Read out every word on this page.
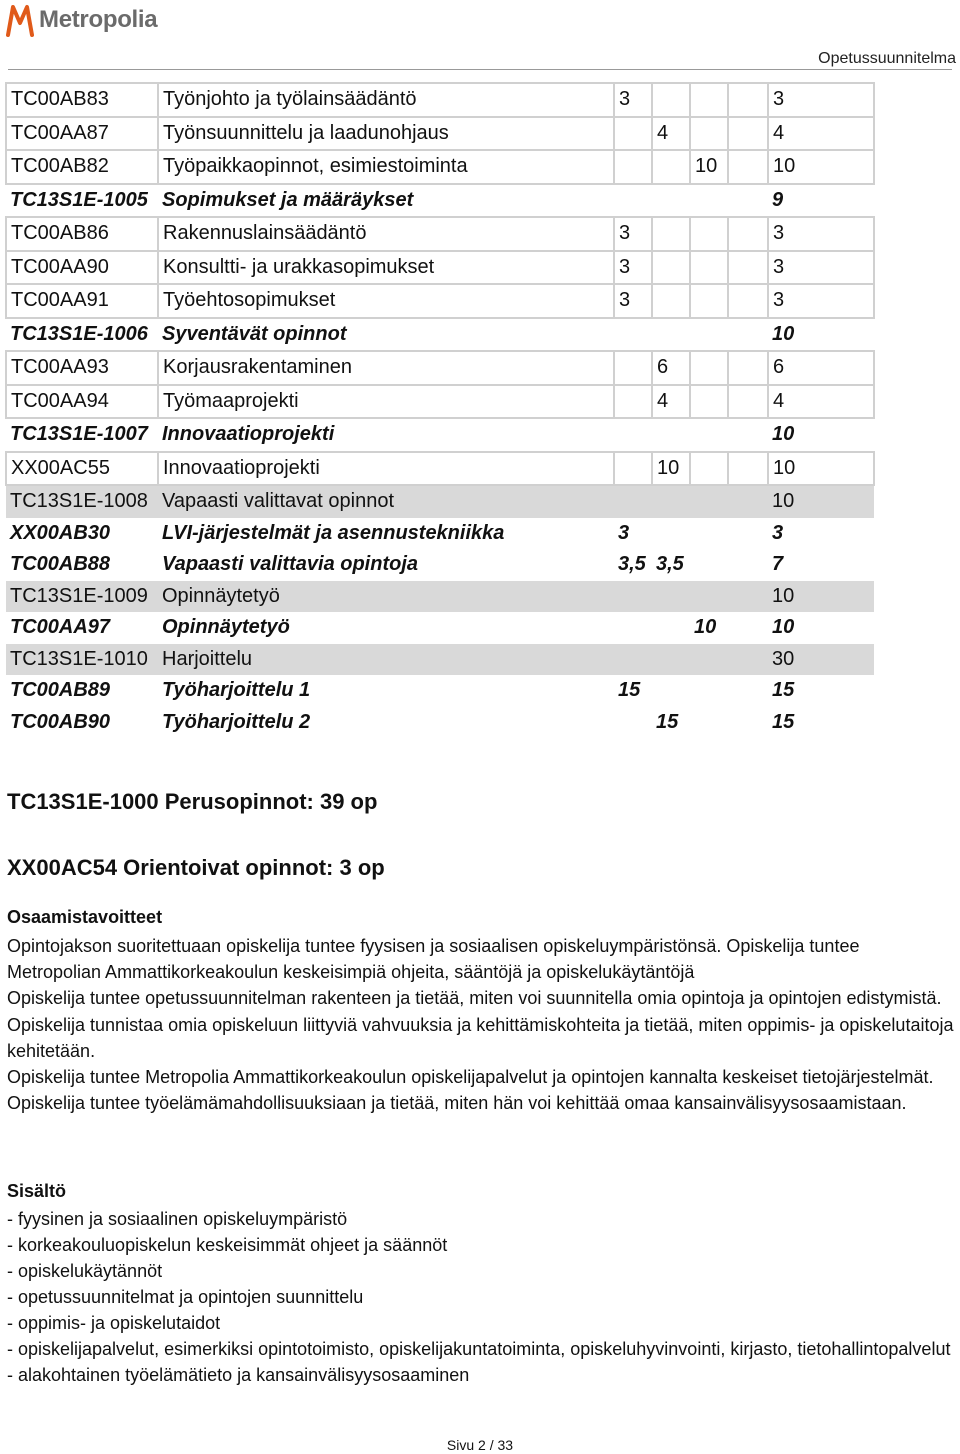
Metropolia
Opetussuunnitelma
TC00AB83	Työnjohto ja työlainsäädäntö	3				3
TC00AA87	Työnsuunnittelu ja laadunohjaus		4			4
TC00AB82	Työpaikkaopinnot, esimiestoiminta			10		10
TC13S1E-1005	Sopimukset ja määräykset					9
TC00AB86	Rakennuslainsäädäntö	3				3
TC00AA90	Konsultti- ja urakkasopimukset	3				3
TC00AA91	Työehtosopimukset	3				3
TC13S1E-1006	Syventävät opinnot					10
TC00AA93	Korjausrakentaminen		6			6
TC00AA94	Työmaaprojekti		4			4
TC13S1E-1007	Innovaatioprojekti					10
XX00AC55	Innovaatioprojekti		10			10
TC13S1E-1008	Vapaasti valittavat opinnot					10
XX00AB30	LVI-järjestelmät ja asennustekniikka	3				3
TC00AB88	Vapaasti valittavia opintoja	3,5	3,5			7
TC13S1E-1009	Opinnäytetyö					10
TC00AA97	Opinnäytetyö			10		10
TC13S1E-1010	Harjoittelu					30
TC00AB89	Työharjoittelu 1	15				15
TC00AB90	Työharjoittelu 2		15			15
TC13S1E-1000 Perusopinnot: 39 op
XX00AC54 Orientoivat opinnot: 3 op
Osaamistavoitteet

Opintojakson suoritettuaan opiskelija tuntee fyysisen ja sosiaalisen opiskeluympäristönsä. Opiskelija tuntee Metropolian Ammattikorkeakoulun keskeisimpiä ohjeita, sääntöjä ja opiskelukäytäntöjä

Opiskelija tuntee opetussuunnitelman rakenteen ja tietää, miten voi suunnitella omia opintoja ja opintojen edistymistä.

Opiskelija tunnistaa omia opiskeluun liittyviä vahvuuksia ja kehittämiskohteita ja tietää, miten oppimis- ja opiskelutaitoja kehitetään.

Opiskelija tuntee Metropolia Ammattikorkeakoulun opiskelijapalvelut ja opintojen kannalta keskeiset tietojärjestelmät. Opiskelija tuntee työelämämahdollisuuksiaan ja tietää, miten hän voi kehittää omaa kansainvälisyysosaamistaan.

Sisältö
- fyysinen ja sosiaalinen opiskeluympäristö
- korkeakouluopiskelun keskeisimmät ohjeet ja säännöt
- opiskelukäytännöt
- opetussuunnitelmat ja opintojen suunnittelu
- oppimis- ja opiskelutaidot
- opiskelijapalvelut, esimerkiksi opintotoimisto, opiskelijakuntatoiminta, opiskeluhyvinvointi, kirjasto, tietohallintopalvelut
- alakohtainen työelämätieto ja kansainvälisyysosaaminen
Sivu 2 / 33
